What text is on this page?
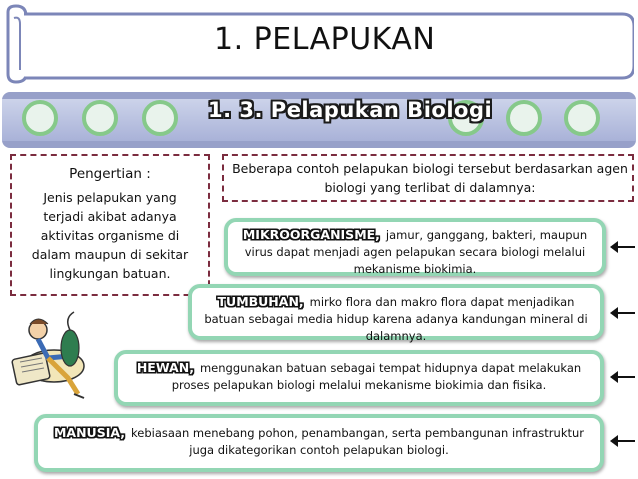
1. PELAPUKAN
1. 3. Pelapukan Biologi
Pengertian :
Jenis pelapukan yang terjadi akibat adanya aktivitas organisme di dalam maupun di sekitar lingkungan batuan.
Beberapa contoh pelapukan biologi tersebut berdasarkan agen biologi yang terlibat di dalamnya:
MIKROORGANISME, jamur, ganggang, bakteri, maupun virus dapat menjadi agen pelapukan secara biologi melalui mekanisme biokimia.
TUMBUHAN, mirko flora dan makro flora dapat menjadikan batuan sebagai media hidup karena adanya kandungan mineral di dalamnya.
HEWAN, menggunakan batuan sebagai tempat hidupnya dapat melakukan proses pelapukan biologi melalui mekanisme biokimia dan fisika.
MANUSIA, kebiasaan menebang pohon, penambangan, serta pembangunan infrastruktur juga dikategorikan contoh pelapukan biologi.
